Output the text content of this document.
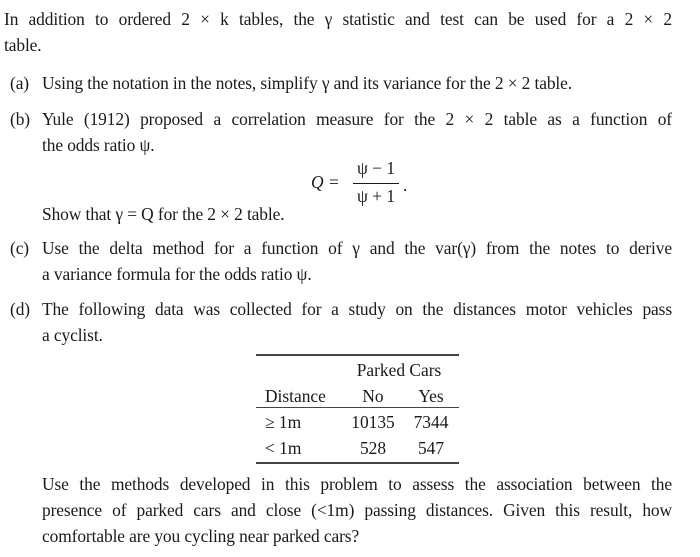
In addition to ordered 2 × k tables, the γ statistic and test can be used for a 2 × 2
table.
(a) Using the notation in the notes, simplify γ and its variance for the 2 × 2 table.
(b) Yule (1912) proposed a correlation measure for the 2 × 2 table as a function of
the odds ratio ψ.
Q =
ψ − 1
ψ + 1
.
Show that γ = Q for the 2 × 2 table.
(c) Use the delta method for a function of γ and the var(γ) from the notes to derive
a variance formula for the odds ratio ψ.
(d) The following data was collected for a study on the distances motor vehicles pass
a cyclist.
Parked Cars
Distance	No	Yes
≥ 1m	10135	7344
< 1m	528	547
Use the methods developed in this problem to assess the association between the
presence of parked cars and close (<1m) passing distances. Given this result, how
comfortable are you cycling near parked cars?
